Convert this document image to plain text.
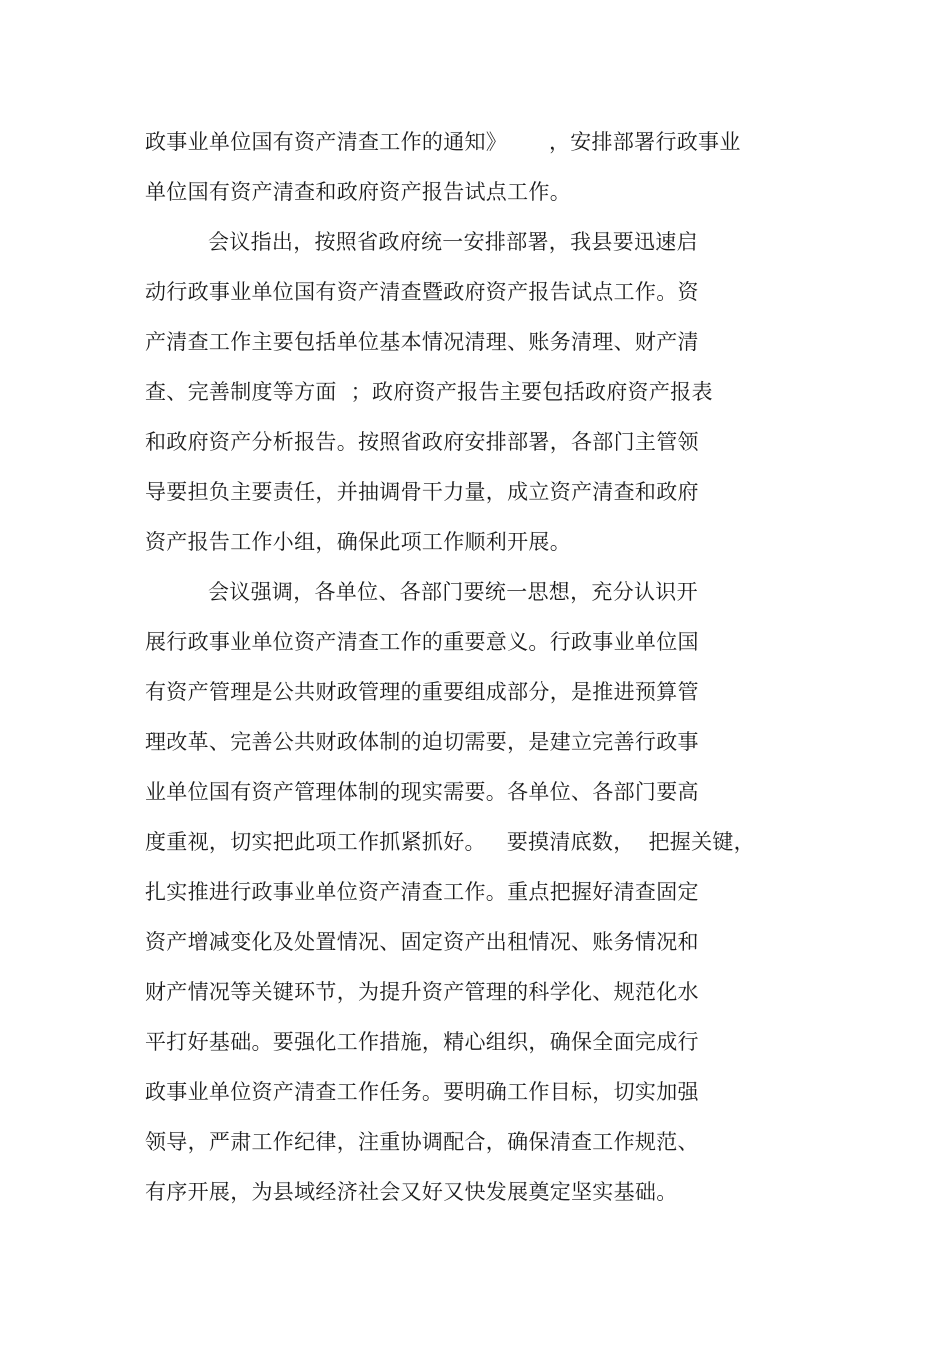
政事业单位国有资产清查工作的通知》      ，安排部署行政事业
单位国有资产清查和政府资产报告试点工作。
会议指出，按照省政府统一安排部署，我县要迅速启
动行政事业单位国有资产清查暨政府资产报告试点工作。资
产清查工作主要包括单位基本情况清理、账务清理、财产清
查、完善制度等方面  ；政府资产报告主要包括政府资产报表
和政府资产分析报告。按照省政府安排部署，各部门主管领
导要担负主要责任，并抽调骨干力量，成立资产清查和政府
资产报告工作小组，确保此项工作顺利开展。
会议强调，各单位、各部门要统一思想，充分认识开
展行政事业单位资产清查工作的重要意义。行政事业单位国
有资产管理是公共财政管理的重要组成部分，是推进预算管
理改革、完善公共财政体制的迫切需要，是建立完善行政事
业单位国有资产管理体制的现实需要。各单位、各部门要高
度重视，切实把此项工作抓紧抓好。   要摸清底数，  把握关键，
扎实推进行政事业单位资产清查工作。重点把握好清查固定
资产增减变化及处置情况、固定资产出租情况、账务情况和
财产情况等关键环节，为提升资产管理的科学化、规范化水
平打好基础。要强化工作措施，精心组织，确保全面完成行
政事业单位资产清查工作任务。要明确工作目标，切实加强
领导，严肃工作纪律，注重协调配合，确保清查工作规范、
有序开展，为县域经济社会又好又快发展奠定坚实基础。
